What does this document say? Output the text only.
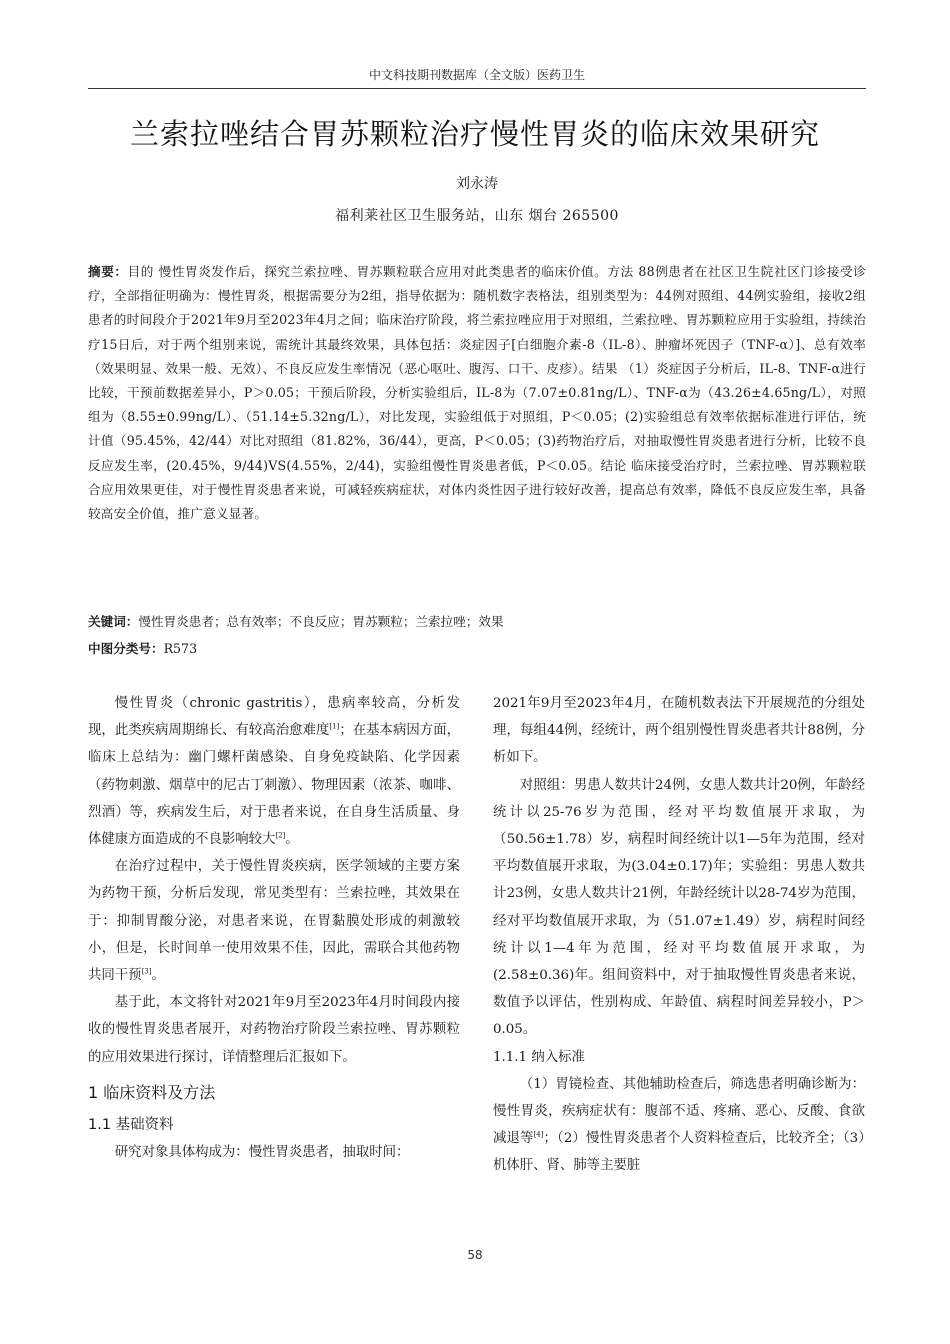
中文科技期刊数据库（全文版）医药卫生
兰索拉唑结合胃苏颗粒治疗慢性胃炎的临床效果研究
刘永涛
福利莱社区卫生服务站，山东 烟台 265500
摘要：目的 慢性胃炎发作后，探究兰索拉唑、胃苏颗粒联合应用对此类患者的临床价值。方法 88例患者在社区卫生院社区门诊接受诊疗，全部指征明确为：慢性胃炎，根据需要分为2组，指导依据为：随机数字表格法，组别类型为：44例对照组、44例实验组，接收2组患者的时间段介于2021年9月至2023年4月之间；临床治疗阶段，将兰索拉唑应用于对照组，兰索拉唑、胃苏颗粒应用于实验组，持续治疗15日后，对于两个组别来说，需统计其最终效果，具体包括：炎症因子[白细胞介素-8（IL-8）、肿瘤坏死因子（TNF-α）]、总有效率（效果明显、效果一般、无效）、不良反应发生率情况（恶心呕吐、腹泻、口干、皮疹）。结果 （1）炎症因子分析后，IL-8、TNF-α进行比较，干预前数据差异小，P＞0.05；干预后阶段，分析实验组后，IL-8为（7.07±0.81ng/L）、TNF-α为（43.26±4.65ng/L），对照组为（8.55±0.99ng/L）、（51.14±5.32ng/L），对比发现，实验组低于对照组，P＜0.05；(2)实验组总有效率依据标准进行评估，统计值（95.45%，42/44）对比对照组（81.82%，36/44），更高，P＜0.05；(3)药物治疗后，对抽取慢性胃炎患者进行分析，比较不良反应发生率，(20.45%，9/44)VS(4.55%，2/44)，实验组慢性胃炎患者低，P＜0.05。结论 临床接受治疗时，兰索拉唑、胃苏颗粒联合应用效果更佳，对于慢性胃炎患者来说，可减轻疾病症状，对体内炎性因子进行较好改善，提高总有效率，降低不良反应发生率，具备较高安全价值，推广意义显著。
关键词：慢性胃炎患者；总有效率；不良反应；胃苏颗粒；兰索拉唑；效果
中图分类号：R573

慢性胃炎（chronic gastritis），患病率较高，分析发现，此类疾病周期绵长、有较高治愈难度[1]；在基本病因方面，临床上总结为：幽门螺杆菌感染、自身免疫缺陷、化学因素（药物刺激、烟草中的尼古丁刺激）、物理因素（浓茶、咖啡、烈酒）等，疾病发生后，对于患者来说，在自身生活质量、身体健康方面造成的不良影响较大[2]。

在治疗过程中，关于慢性胃炎疾病，医学领域的主要方案为药物干预，分析后发现，常见类型有：兰索拉唑，其效果在于：抑制胃酸分泌，对患者来说，在胃黏膜处形成的刺激较小，但是，长时间单一使用效果不佳，因此，需联合其他药物共同干预[3]。

基于此，本文将针对2021年9月至2023年4月时间段内接收的慢性胃炎患者展开，对药物治疗阶段兰索拉唑、胃苏颗粒的应用效果进行探讨，详情整理后汇报如下。

1 临床资料及方法

1.1 基础资料

研究对象具体构成为：慢性胃炎患者，抽取时间：

2021年9月至2023年4月，在随机数表法下开展规范的分组处理，每组44例，经统计，两个组别慢性胃炎患者共计88例，分析如下。

对照组：男患人数共计24例，女患人数共计20例，年龄经统计以25-76岁为范围，经对平均数值展开求取，为（50.56±1.78）岁，病程时间经统计以1—5年为范围，经对平均数值展开求取，为(3.04±0.17)年；实验组：男患人数共计23例，女患人数共计21例，年龄经统计以28-74岁为范围，经对平均数值展开求取，为（51.07±1.49）岁，病程时间经统计以1—4年为范围，经对平均数值展开求取，为(2.58±0.36)年。组间资料中，对于抽取慢性胃炎患者来说，数值予以评估，性别构成、年龄值、病程时间差异较小，P＞0.05。

1.1.1 纳入标准

（1）胃镜检查、其他辅助检查后，筛选患者明确诊断为：慢性胃炎，疾病症状有：腹部不适、疼痛、恶心、反酸、食欲减退等[4]；（2）慢性胃炎患者个人资料检查后，比较齐全；（3）机体肝、肾、肺等主要脏

58
